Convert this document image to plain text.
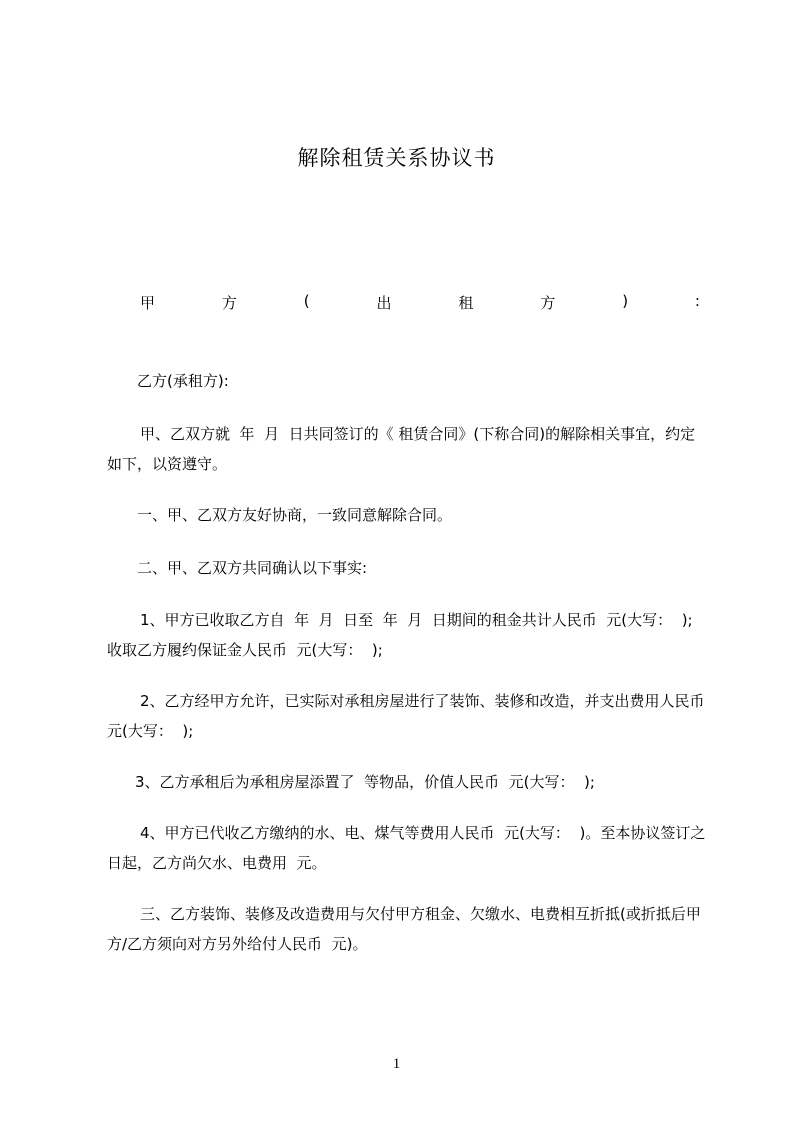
解除租赁关系协议书
甲	方	(	出	租	方	)	:
乙方(承租方):
甲、乙双方就  年  月  日共同签订的《 租赁合同》(下称合同)的解除相关事宜，约定如下，以资遵守。
一、甲、乙双方友好协商，一致同意解除合同。
二、甲、乙双方共同确认以下事实:
1、甲方已收取乙方自  年  月  日至  年  月  日期间的租金共计人民币  元(大写：  );收取乙方履约保证金人民币  元(大写：  );
2、乙方经甲方允许，已实际对承租房屋进行了装饰、装修和改造，并支出费用人民币  元(大写：  );
3、乙方承租后为承租房屋添置了  等物品，价值人民币  元(大写：  );
4、甲方已代收乙方缴纳的水、电、煤气等费用人民币  元(大写：  )。至本协议签订之日起，乙方尚欠水、电费用  元。
三、乙方装饰、装修及改造费用与欠付甲方租金、欠缴水、电费相互折抵(或折抵后甲方/乙方须向对方另外给付人民币  元)。
1
